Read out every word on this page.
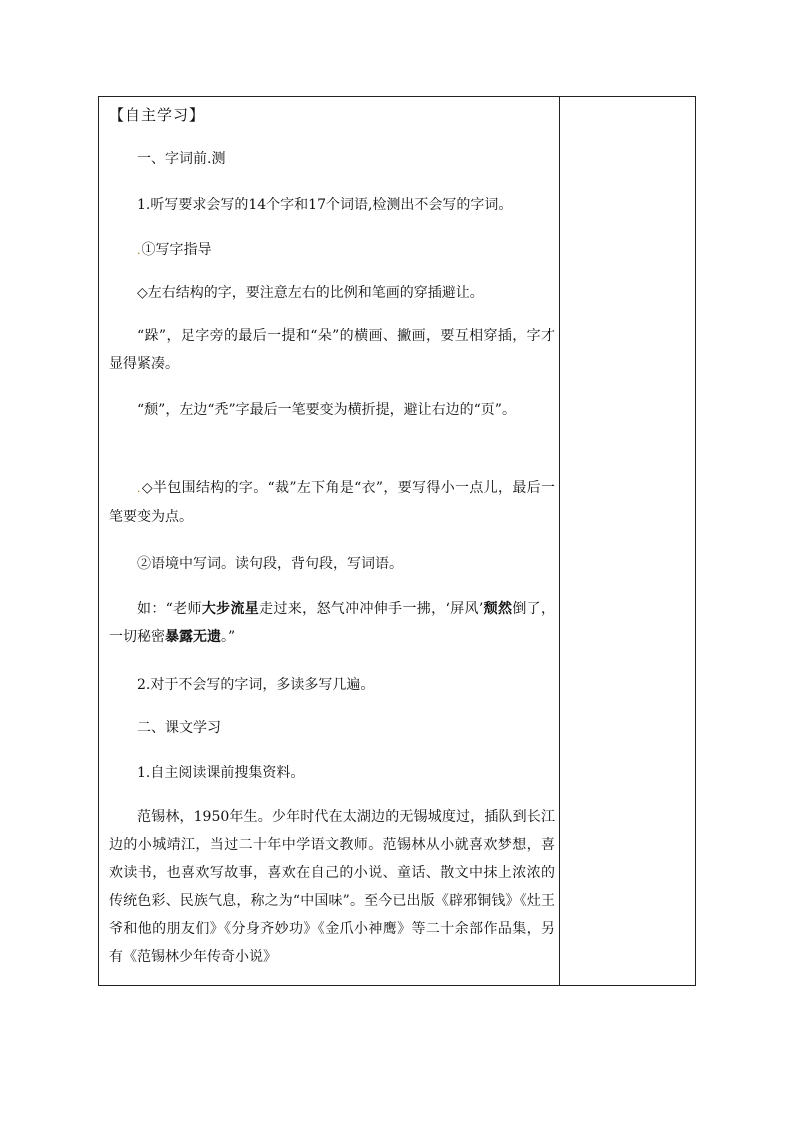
【自主学习】
一、字词前.测
1.听写要求会写的14个字和17个词语,检测出不会写的字词。
.①写字指导
◇左右结构的字，要注意左右的比例和笔画的穿插避让。
“跺”，足字旁的最后一提和“朵”的横画、撇画，要互相穿插，字才显得紧凑。
“颓”，左边“秃”字最后一笔要变为横折提，避让右边的“页”。
.◇半包围结构的字。“裁”左下角是“衣”，要写得小一点儿，最后一笔要变为点。
②语境中写词。读句段，背句段，写词语。
如：“老师大步流星走过来，怒气冲冲伸手一拂，‘屏风’颓然倒了，一切秘密暴露无遗。”
2.对于不会写的字词，多读多写几遍。
二、课文学习
1.自主阅读课前搜集资料。
范锡林，1950年生。少年时代在太湖边的无锡城度过，插队到长江边的小城靖江，当过二十年中学语文教师。范锡林从小就喜欢梦想，喜欢读书，也喜欢写故事，喜欢在自己的小说、童话、散文中抹上浓浓的传统色彩、民族气息，称之为“中国味”。至今已出版《辟邪铜钱》《灶王爷和他的朋友们》《分身齐妙功》《金爪小神鹰》等二十余部作品集，另有《范锡林少年传奇小说》
